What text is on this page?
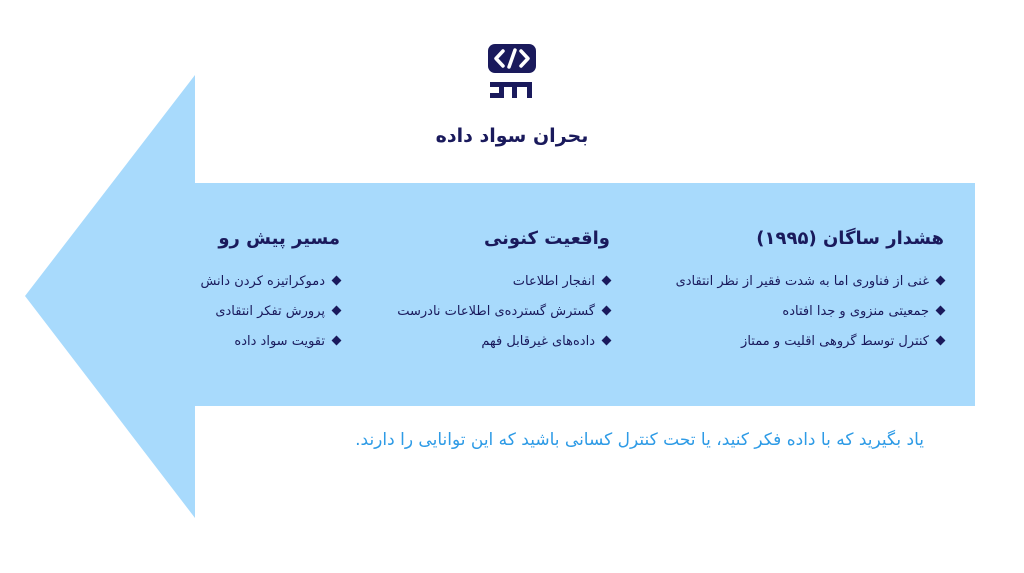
بحران سواد داده
هشدار ساگان (۱۹۹۵)
غنی از فناوری اما به شدت فقیر از نظر انتقادی
جمعیتی منزوی و جدا افتاده
کنترل توسط گروهی اقلیت و ممتاز
واقعیت کنونی
انفجار اطلاعات
گسترش گسترده‌ی اطلاعات نادرست
داده‌های غیرقابل فهم
مسیر پیش رو
دموکراتیزه کردن دانش
پرورش تفکر انتقادی
تقویت سواد داده
یاد بگیرید که با داده فکر کنید، یا تحت کنترل کسانی باشید که این توانایی را دارند.
